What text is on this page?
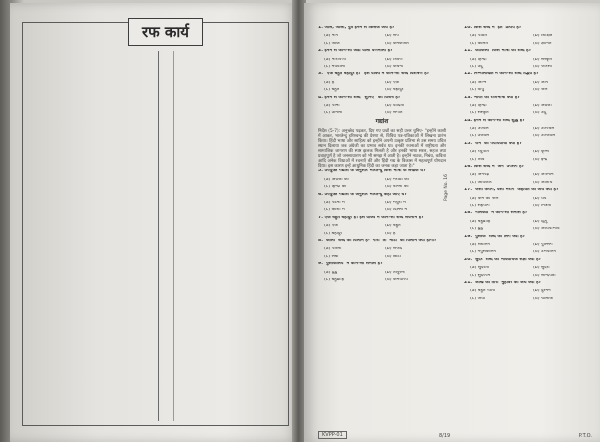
रफ कार्य	1. जाल, जाला, पुत्र इनमें से किसके अर्थ हैं?
(a) नाग	(b) सर्प
(c) जोंक	(d) कनकजोर
2. इनमें से कौन-सी अंडों वाली वर्णमाला है?
(a) नारायणी	(b) त्रिवर्ण
(c) मेघवाली	(d) कंचना
3. "एक बहुत बहादुर है।" इस वाक्य में कौन-सा शब्द विशेषण है?
(a) है	(b) एक
(c) बहुत	(d) बहादुर
4. इनमें से कौन-सा शब्द "सुनिए" का विशेष है?
(a) पत्नी	(b) वादिता
(c) उमिला	(d) संगीत
गद्यांश

निर्देश (5-7): अनुच्छेद पढ़कर, दिए गए प्रश्नों का सही उत्तर चुनिए- "इन्होंने काशी में आकर, भारतेन्दु हरिश्चन्द्र की प्रेरणा से, विविध पत्र-पत्रिकाओं में लिखना प्रारंभ किया। हिंदी भाषा और साहित्य को इन्होंने अपनी उत्कृष्ट प्रतिभा से उस समय उचित स्थान दिलाया जब अंग्रेजी का प्रभाव सर्वत्र था। इनकी रचनाओं में राष्ट्रीयता और सामाजिक जागरण की स्पष्ट झलक मिलती है और इनकी भाषा सरल, सहज तथा प्रवाहपूर्ण है जो जनसाधारण को भी समझ में आती है। इन्होंने नाटक, निबंध, कविता आदि अनेक विधाओं में रचनाएँ कीं और हिंदी गद्य के विकास में महत्वपूर्ण योगदान दिया। इस कारण इन्हें आधुनिक हिंदी का जनक कहा जाता है।"

5. उपर्युक्त गद्यांश के अनुसार भारतेन्दु किस भाषा के लेखक थे?
(a) अंग्रेजी का	(b) मराठी का
(c) हिन्दी का	(d) बांग्ला का
6. उपर्युक्त गद्यांश के अनुसार भारतेन्दु कहाँ आए थे?
(a) पटना में	(b) मथुरा में
(c) काशी में	(d) दिल्ली में
7. एक बहुत बहादुर है। इस वाक्य में कौन-सा शब्द सर्वनाम है?
(a) एक	(b) बहुत
(c) बहादुर	(d) है
8. 'काला' शब्द का विलोम है- 'गोरा' तो 'मोटा' का विलोम क्या होगा?
(a) पतला	(b) सफेद
(c) लंबा	(d) छोटा
9. 'पुस्तकालय' में कौन-सा समास है?
(a) द्वंद्व	(b) तत्पुरुष
(c) बहुव्रीहि	(d) कर्मधारय
Page No. 16
10. किस शब्द में 'इत' प्रत्यय है?
(a) पठित	(b) शिक्षित
(c) कलित	(d) ज्ञानित
11. 'कोकिला' किस भाषा का शब्द है?
(a) हिन्दी	(b) संस्कृत
(c) उर्दू	(d) फारसी
12. निम्नलिखित में कौन-सा शब्द तद्भव है?
(a) अग्नि	(b) आग
(c) वायु	(d) जल
13. भारत की राजभाषा क्या है?
(a) हिन्दी	(b) अंग्रेजी
(c) संस्कृत	(d) उर्दू
14. इनमें से कौन-सा शब्द शुद्ध है?
(a) उज्वल	(b) उज्ज्वल
(c) उजवल	(d) उज्जवल
15. 'राम' का पर्यायवाची क्या है?
(a) रघुपति	(b) कृष्ण
(c) शिव	(d) इन्द्र
16. किस शब्द में 'अन' उपसर्ग है?
(a) अनपढ़	(b) अपमान
(c) अधिकार	(d) अतिथि
17. 'जैसा करोगे, वैसा भरोगे' कहावत का अर्थ क्या है?
(a) कर्म का फल	(b) धैर्य
(c) सहयोग	(d) मित्रता
18. 'नीलकंठ' में कौन-सा समास है?
(a) बहुव्रीहि	(b) द्विगु
(c) द्वंद्व	(d) अव्ययीभाव
19. 'पुस्तक' शब्द का लिंग क्या है?
(a) स्त्रीलिंग	(b) पुल्लिंग
(c) नपुंसकलिंग	(d) उभयलिंग
20. 'सुंदर' शब्द की भाववाचक संज्ञा क्या है?
(a) सुंदरता	(b) सुंदरी
(c) सुंदरपन	(d) सौन्दर्यता
21. 'आँख का तारा' मुहावरे का अर्थ क्या है?
(a) बहुत प्यारा	(b) दुश्मन
(c) अंधा	(d) चालाक
KVPP-01	8/19	P.T.O.
